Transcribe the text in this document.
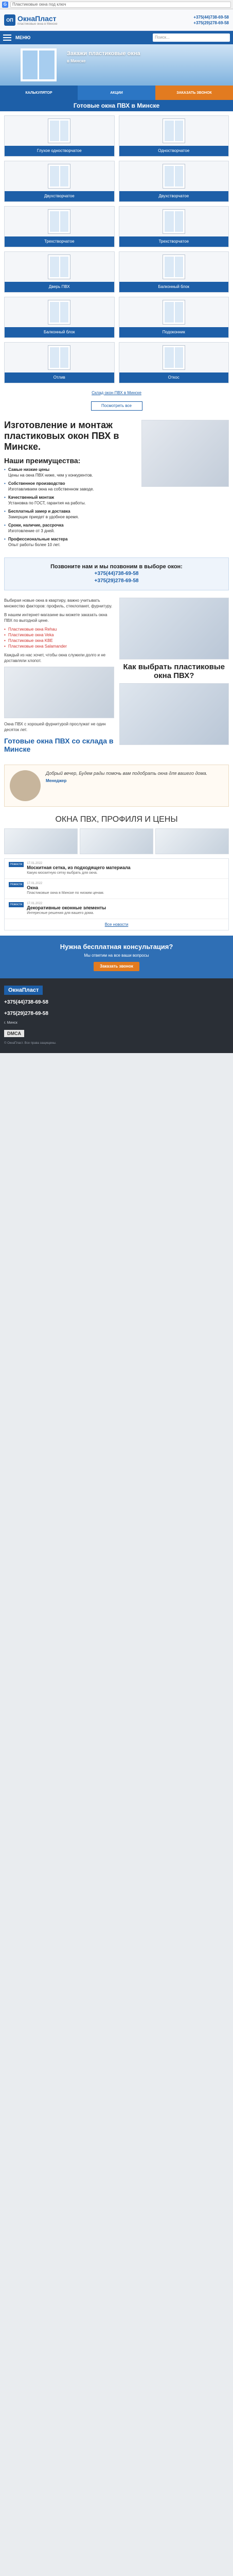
G	Пластиковые окна под ключ
ОП ОкнаПласт
пластиковые окна в Минске
+375(44)738-69-58
+375(29)278-69-58
МЕНЮ	Поиск...
Закажи пластиковые окна
в Минске
КАЛЬКУЛЯТОР	АКЦИИ	ЗАКАЗАТЬ ЗВОНОК
Готовые окна ПВХ в Минске
Глухое одностворчатое	Одностворчатое
Двухстворчатое	Двухстворчатое
Трехстворчатое	Трехстворчатое
Дверь ПВХ	Балконный блок
Балконный блок	Подоконник
Отлив	Откос
Склад окон ПВХ в Минске
Посмотреть все
Изготовление и монтаж пластиковых окон ПВХ в Минске.
Наши преимущества:
• Самые низкие цены
Цены на окна ПВХ ниже, чем у конкурентов.
• Собственное производство
Изготавливаем окна на собственном заводе.
• Качественный монтаж
Установка по ГОСТ, гарантия на работы.
• Бесплатный замер и доставка
Замерщик приедет в удобное время.
• Сроки, наличие, рассрочка
Изготовление от 3 дней.
• Профессиональные мастера
Опыт работы более 10 лет.
Позвоните нам и мы позвоним в выборе окон:
+375(44)738-69-58
+375(29)278-69-58

Выбирая новые окна в квартиру, важно учитывать множество факторов: профиль, стеклопакет, фурнитуру.

В нашем интернет-магазине вы можете заказать окна ПВХ по выгодной цене.

• Пластиковые окна Rehau
• Пластиковые окна Veka
• Пластиковые окна KBE
• Пластиковые окна Salamander

Каждый из нас хочет, чтобы окна служили долго и не доставляли хлопот.

Окна ПВХ с хорошей фурнитурой прослужат не один десяток лет.

Готовые окна ПВХ со склада в Минске
Как выбрать пластиковые окна ПВХ?
Добрый вечер, Будем рады помочь вам подобрать окна для вашего дома.
Менеджер
ОКНА ПВХ, ПРОФИЛЯ И ЦЕНЫ
Новости	17.01.2022
Москитная сетка, из подходящего материала
Какую москитную сетку выбрать для окна.
Новости	17.01.2022
Окна
Пластиковые окна в Минске по низким ценам.
Новости	17.01.2022
Декоративные оконные элементы
Интересные решения для вашего дома.
Все новости
Нужна бесплатная консультация?
Мы ответим на все ваши вопросы
Заказать звонок
ОкнаПласт
+375(44)738-69-58
+375(29)278-69-58
г. Минск
DMCA
© ОкнаПласт. Все права защищены.
